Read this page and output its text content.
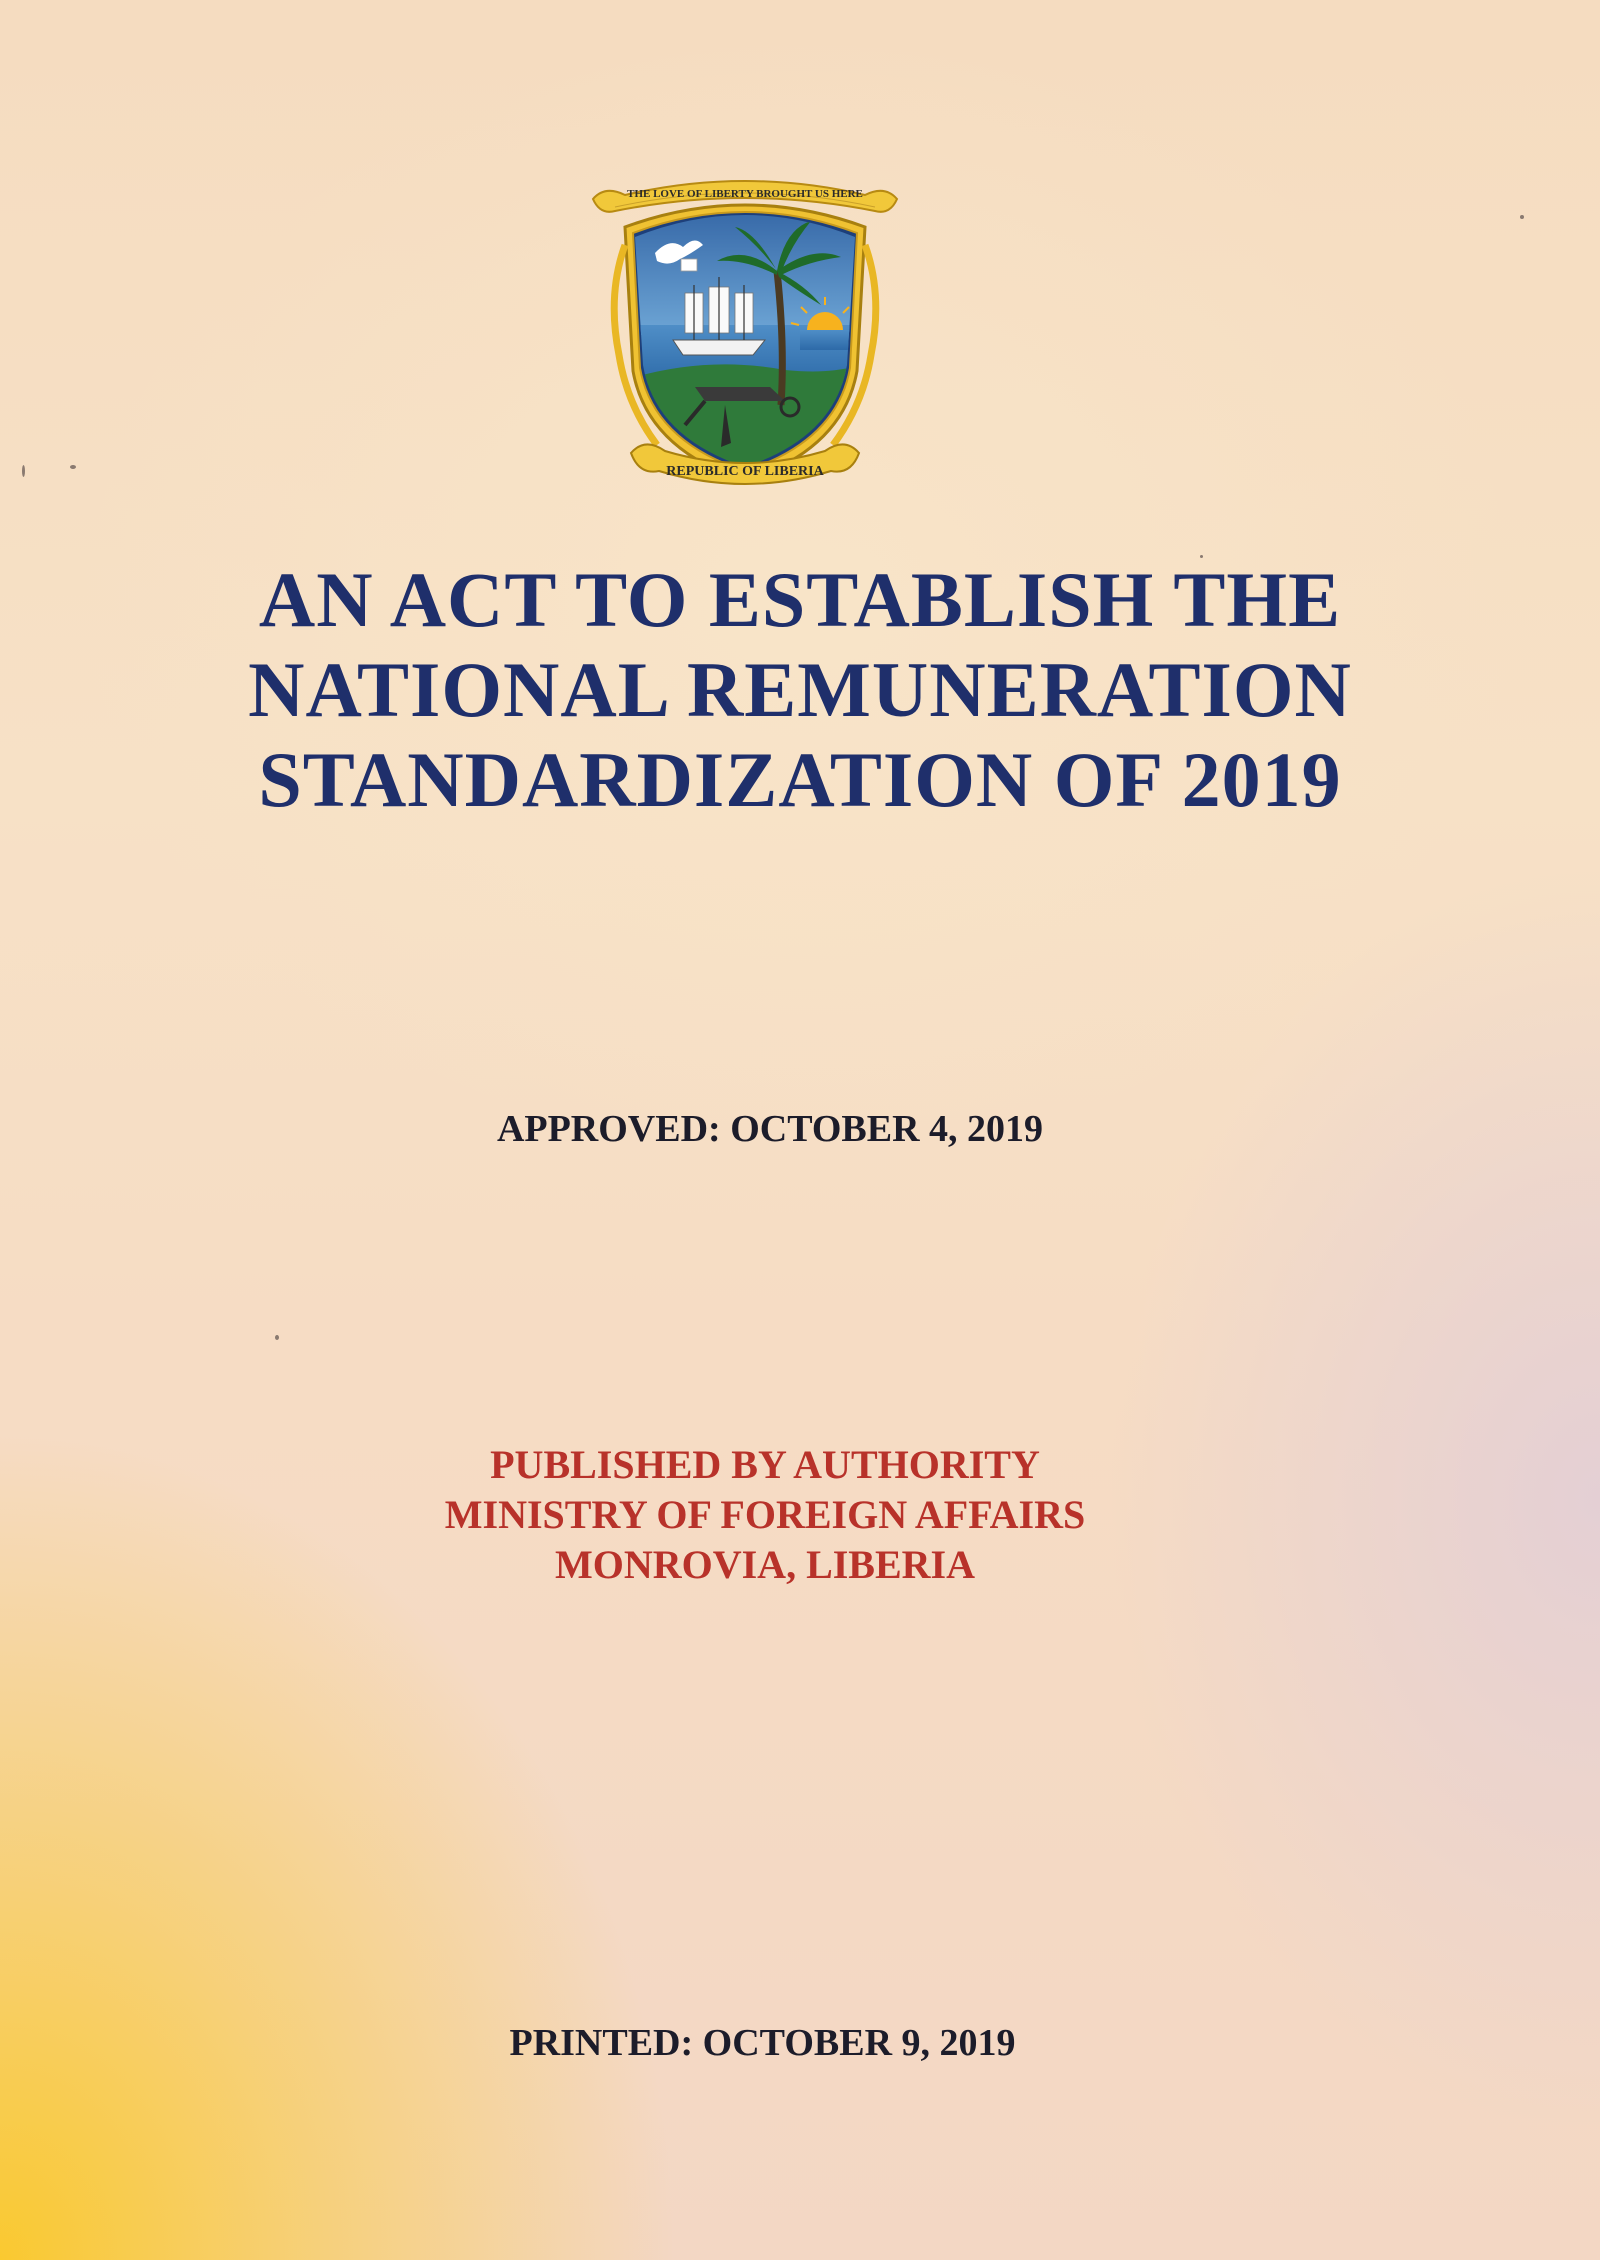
THE LOVE OF LIBERTY BROUGHT US HERE
REPUBLIC OF LIBERIA
AN ACT TO ESTABLISH THE
NATIONAL REMUNERATION
STANDARDIZATION OF 2019
APPROVED: OCTOBER 4, 2019
PUBLISHED BY AUTHORITY
MINISTRY OF FOREIGN AFFAIRS
MONROVIA, LIBERIA
PRINTED: OCTOBER 9, 2019
